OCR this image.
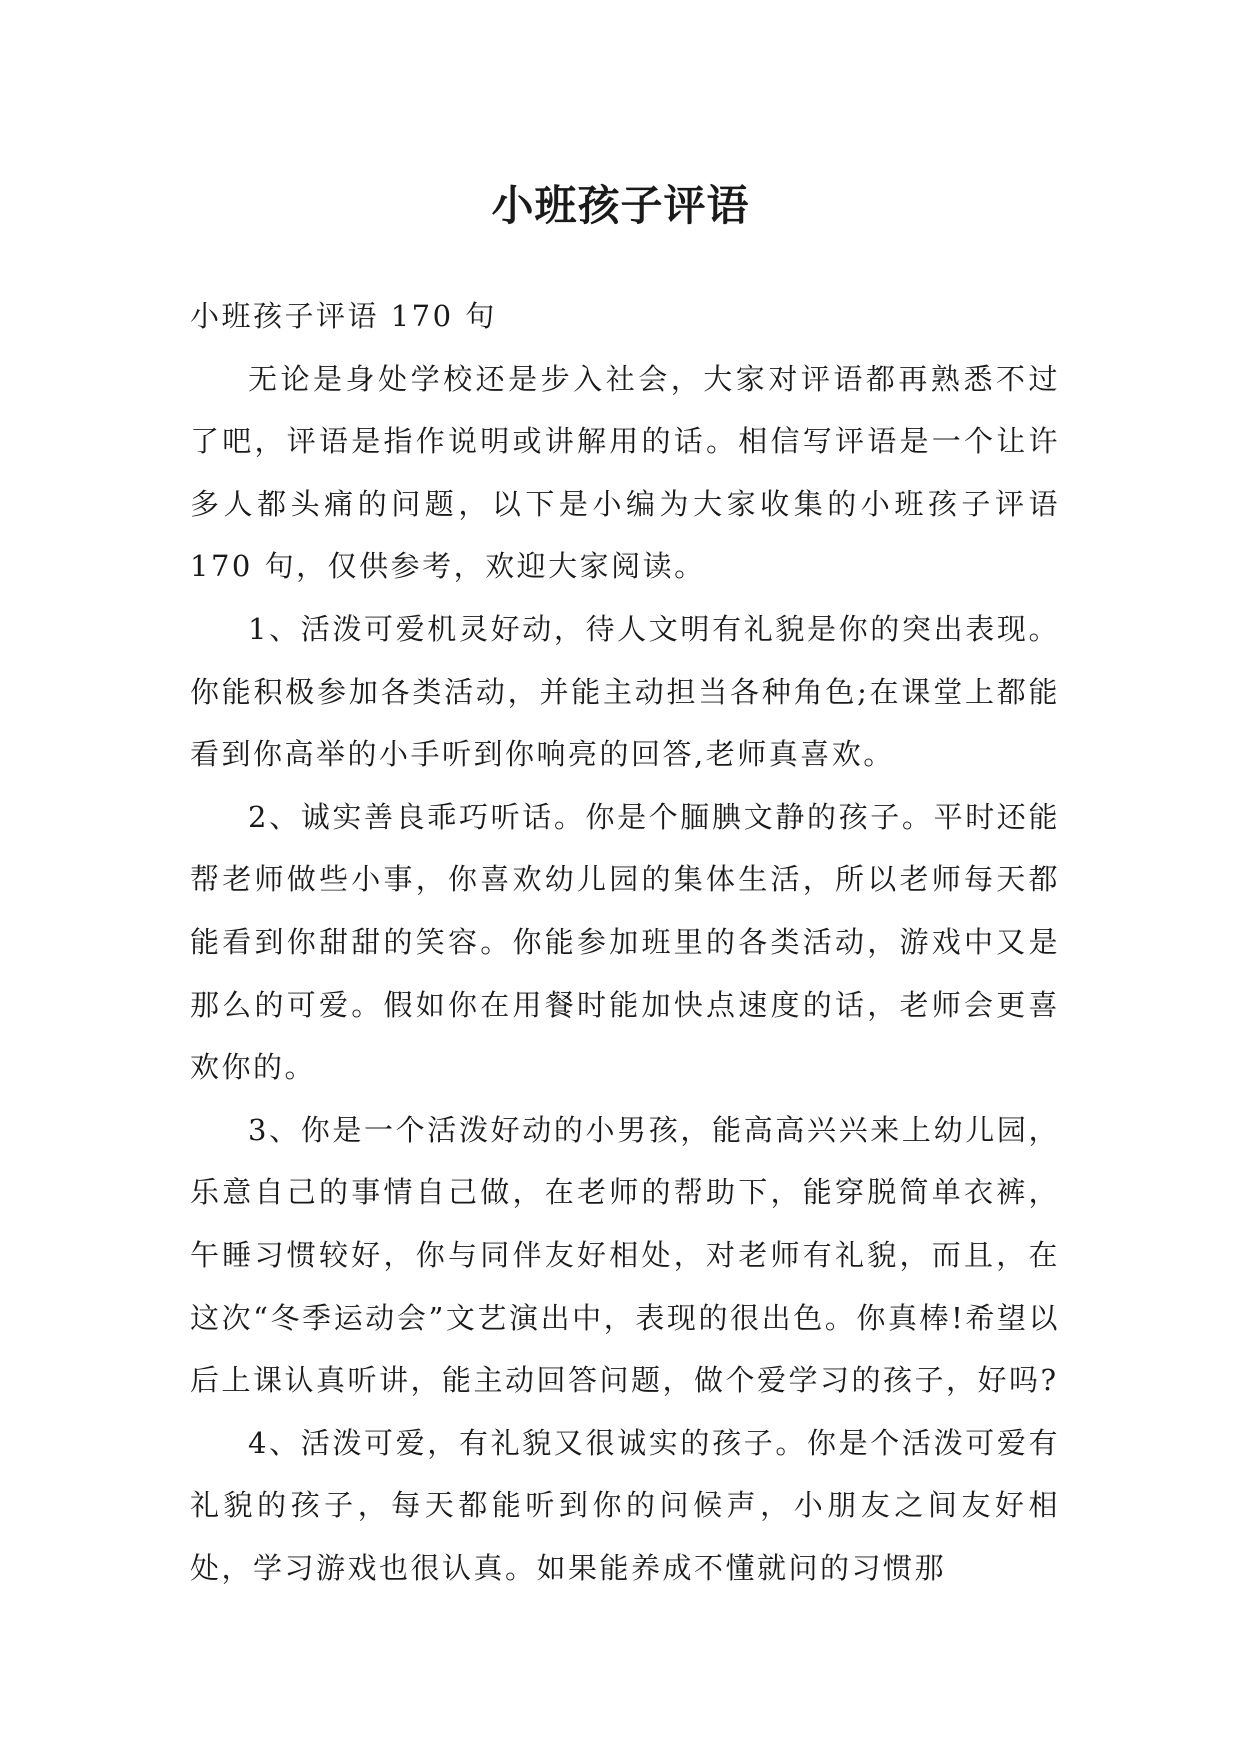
小班孩子评语

小班孩子评语 170 句

无论是身处学校还是步入社会，大家对评语都再熟悉不过了吧，评语是指作说明或讲解用的话。相信写评语是一个让许多人都头痛的问题，以下是小编为大家收集的小班孩子评语 170 句，仅供参考，欢迎大家阅读。

1、活泼可爱机灵好动，待人文明有礼貌是你的突出表现。你能积极参加各类活动，并能主动担当各种角色;在课堂上都能看到你高举的小手听到你响亮的回答,老师真喜欢。

2、诚实善良乖巧听话。你是个腼腆文静的孩子。平时还能帮老师做些小事，你喜欢幼儿园的集体生活，所以老师每天都能看到你甜甜的笑容。你能参加班里的各类活动，游戏中又是那么的可爱。假如你在用餐时能加快点速度的话，老师会更喜欢你的。

3、你是一个活泼好动的小男孩，能高高兴兴来上幼儿园，乐意自己的事情自己做，在老师的帮助下，能穿脱简单衣裤，午睡习惯较好，你与同伴友好相处，对老师有礼貌，而且，在这次“冬季运动会”文艺演出中，表现的很出色。你真棒!希望以后上课认真听讲，能主动回答问题，做个爱学习的孩子，好吗?

4、活泼可爱，有礼貌又很诚实的孩子。你是个活泼可爱有礼貌的孩子，每天都能听到你的问候声，小朋友之间友好相处，学习游戏也很认真。如果能养成不懂就问的习惯那
